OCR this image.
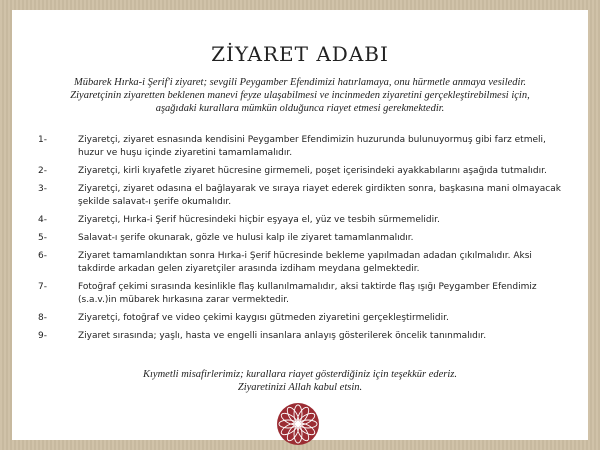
ZİYARET ADABI
Mübarek Hırka-i Şerif'i ziyaret; sevgili Peygamber Efendimizi hatırlamaya, onu hürmetle anmaya vesiledir.
Ziyaretçinin ziyaretten beklenen manevi feyze ulaşabilmesi ve incinmeden ziyaretini gerçekleştirebilmesi için,
aşağıdaki kurallara mümkün olduğunca riayet etmesi gerekmektedir.
1-	Ziyaretçi, ziyaret esnasında kendisini Peygamber Efendimizin huzurunda bulunuyormuş gibi farz etmeli, huzur ve huşu içinde ziyaretini tamamlamalıdır.
2-	Ziyaretçi, kirli kıyafetle ziyaret hücresine girmemeli, poşet içerisindeki ayakkabılarını aşağıda tutmalıdır.
3-	Ziyaretçi, ziyaret odasına el bağlayarak ve sıraya riayet ederek girdikten sonra, başkasına mani olmayacak şekilde salavat-ı şerife okumalıdır.
4-	Ziyaretçi, Hırka-i Şerif hücresindeki hiçbir eşyaya el, yüz ve tesbih sürmemelidir.
5-	Salavat-ı şerife okunarak, gözle ve hulusi kalp ile ziyaret tamamlanmalıdır.
6-	Ziyaret tamamlandıktan sonra Hırka-i Şerif hücresinde bekleme yapılmadan adadan çıkılmalıdır. Aksi takdirde arkadan gelen ziyaretçiler arasında izdiham meydana gelmektedir.
7-	Fotoğraf çekimi sırasında kesinlikle flaş kullanılmamalıdır, aksi taktirde flaş ışığı Peygamber Efendimiz (s.a.v.)in mübarek hırkasına zarar vermektedir.
8-	Ziyaretçi, fotoğraf ve video çekimi kaygısı gütmeden ziyaretini gerçekleştirmelidir.
9-	Ziyaret sırasında; yaşlı, hasta ve engelli insanlara anlayış gösterilerek öncelik tanınmalıdır.
Kıymetli misafirlerimiz; kurallara riayet gösterdiğiniz için teşekkür ederiz.
Ziyaretinizi Allah kabul etsin.
